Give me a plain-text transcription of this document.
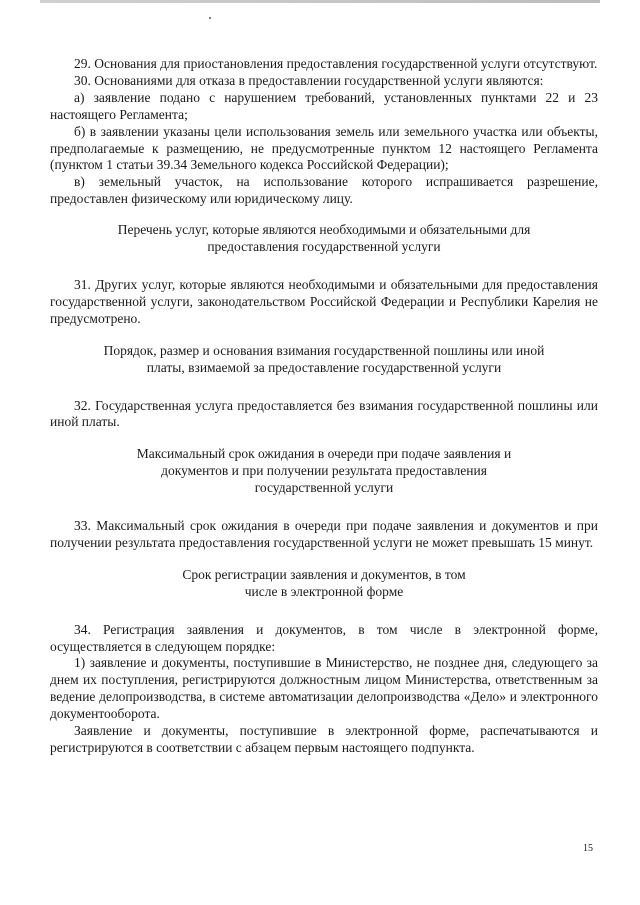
29. Основания для приостановления предоставления государственной услуги отсутствуют.

30. Основаниями для отказа в предоставлении государственной услуги являются:

а) заявление подано с нарушением требований, установленных пунктами 22 и 23 настоящего Регламента;

б) в заявлении указаны цели использования земель или земельного участка или объекты, предполагаемые к размещению, не предусмотренные пунктом 12 настоящего Регламента (пунктом 1 статьи 39.34 Земельного кодекса Российской Федерации);

в) земельный участок, на использование которого испрашивается разрешение, предоставлен физическому или юридическому лицу.

Перечень услуг, которые являются необходимыми и обязательными для предоставления государственной услуги

31. Других услуг, которые являются необходимыми и обязательными для предоставления государственной услуги, законодательством Российской Федерации и Республики Карелия не предусмотрено.

Порядок, размер и основания взимания государственной пошлины или иной платы, взимаемой за предоставление государственной услуги

32. Государственная услуга предоставляется без взимания государственной пошлины или иной платы.

Максимальный срок ожидания в очереди при подаче заявления и документов и при получении результата предоставления государственной услуги

33. Максимальный срок ожидания в очереди при подаче заявления и документов и при получении результата предоставления государственной услуги не может превышать 15 минут.

Срок регистрации заявления и документов, в том числе в электронной форме

34. Регистрация заявления и документов, в том числе в электронной форме, осуществляется в следующем порядке:

1) заявление и документы, поступившие в Министерство, не позднее дня, следующего за днем их поступления, регистрируются должностным лицом Министерства, ответственным за ведение делопроизводства, в системе автоматизации делопроизводства «Дело» и электронного документооборота.

Заявление и документы, поступившие в электронной форме, распечатываются и регистрируются в соответствии с абзацем первым настоящего подпункта.

15
